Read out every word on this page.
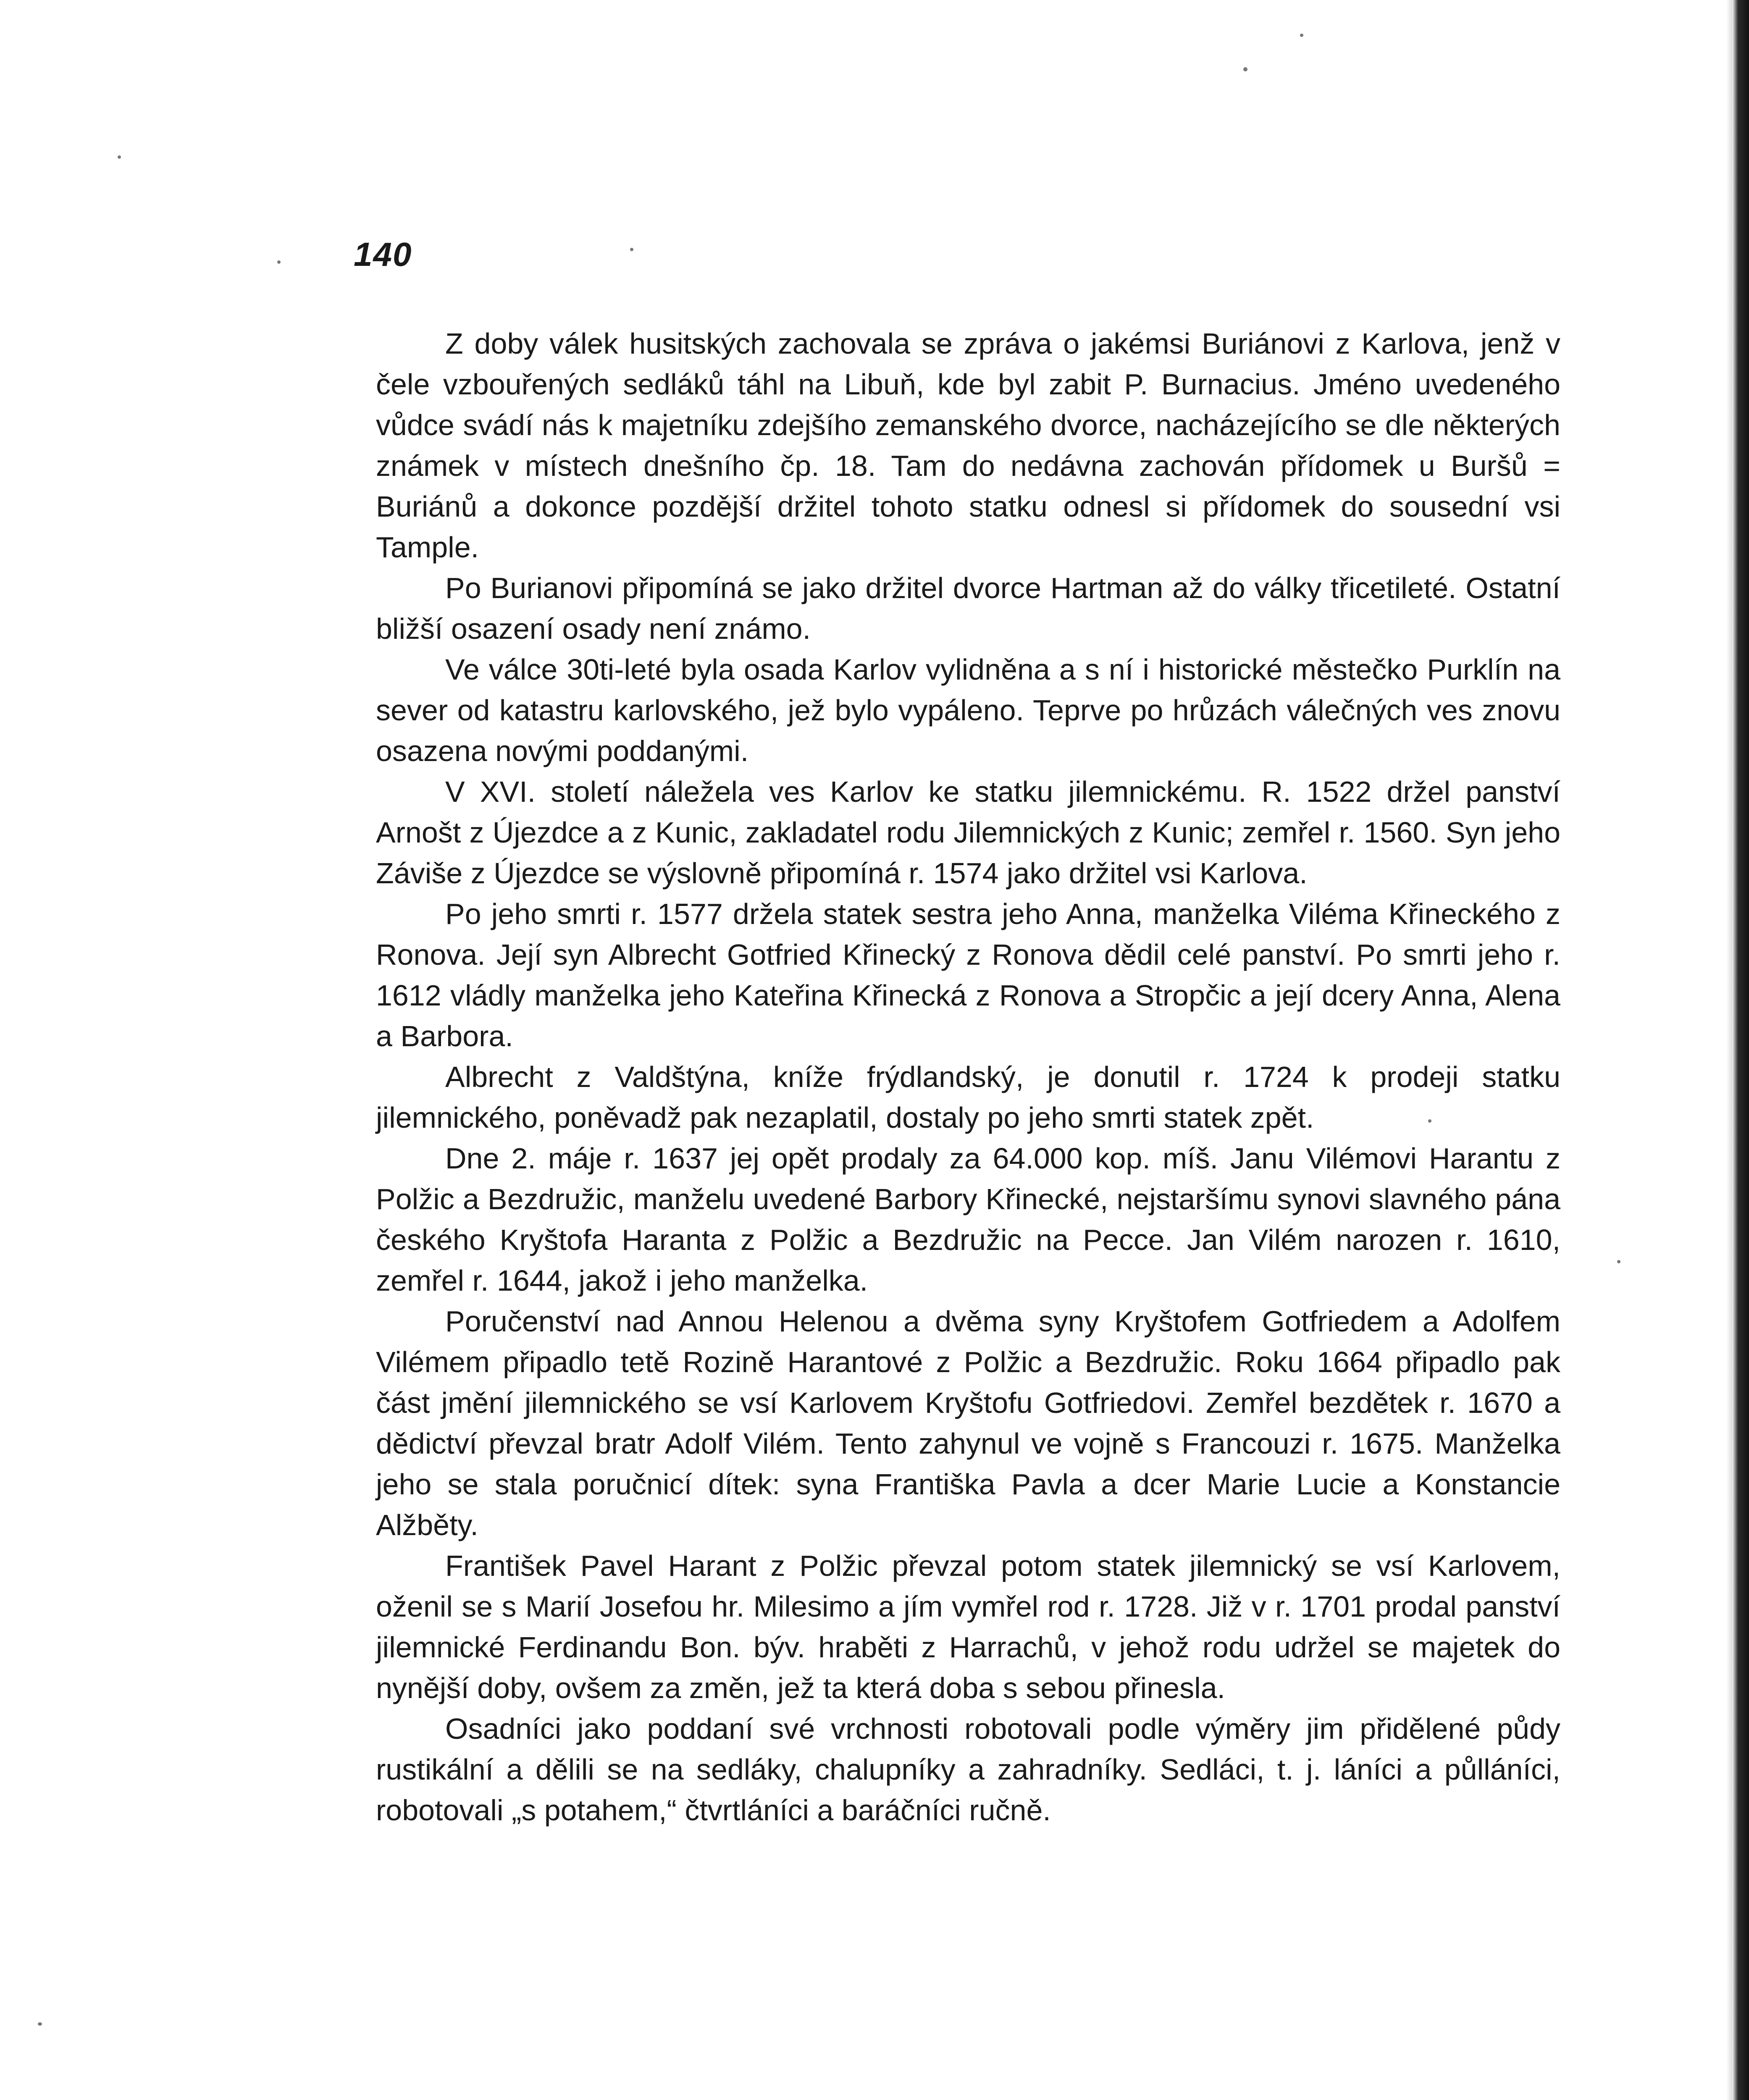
140

Z doby válek husitských zachovala se zpráva o jakémsi Buriánovi z Karlova, jenž v čele vzbouřených sedláků táhl na Libuň, kde byl zabit P. Burnacius. Jméno uvedeného vůdce svádí nás k majetníku zdejšího zemanského dvorce, nacházejícího se dle některých známek v místech dnešního čp. 18. Tam do nedávna zachován přídomek u Buršů = Buriánů a dokonce pozdější držitel tohoto statku odnesl si přídomek do sousední vsi Tample.

Po Burianovi připomíná se jako držitel dvorce Hartman až do války třicetileté. Ostatní bližší osazení osady není známo.

Ve válce 30ti-leté byla osada Karlov vylidněna a s ní i historické městečko Purklín na sever od katastru karlovského, jež bylo vypáleno. Teprve po hrůzách válečných ves znovu osazena novými poddanými.

V XVI. století náležela ves Karlov ke statku jilemnickému. R. 1522 držel panství Arnošt z Újezdce a z Kunic, zakladatel rodu Jilemnických z Kunic; zemřel r. 1560. Syn jeho Záviše z Újezdce se výslovně připomíná r. 1574 jako držitel vsi Karlova.

Po jeho smrti r. 1577 držela statek sestra jeho Anna, manželka Viléma Křineckého z Ronova. Její syn Albrecht Gotfried Křinecký z Ronova dědil celé panství. Po smrti jeho r. 1612 vládly manželka jeho Kateřina Křinecká z Ronova a Stropčic a její dcery Anna, Alena a Barbora.

Albrecht z Valdštýna, kníže frýdlandský, je donutil r. 1724 k prodeji statku jilemnického, poněvadž pak nezaplatil, dostaly po jeho smrti statek zpět.

Dne 2. máje r. 1637 jej opět prodaly za 64.000 kop. míš. Janu Vilémovi Harantu z Polžic a Bezdružic, manželu uvedené Barbory Křinecké, nejstaršímu synovi slavného pána českého Kryštofa Haranta z Polžic a Bezdružic na Pecce. Jan Vilém narozen r. 1610, zemřel r. 1644, jakož i jeho manželka.

Poručenství nad Annou Helenou a dvěma syny Kryštofem Gotfriedem a Adolfem Vilémem připadlo tetě Rozině Harantové z Polžic a Bezdružic. Roku 1664 připadlo pak část jmění jilemnického se vsí Karlovem Kryštofu Gotfriedovi. Zemřel bezdětek r. 1670 a dědictví převzal bratr Adolf Vilém. Tento zahynul ve vojně s Francouzi r. 1675. Manželka jeho se stala poručnicí dítek: syna Františka Pavla a dcer Marie Lucie a Konstancie Alžběty.

František Pavel Harant z Polžic převzal potom statek jilemnický se vsí Karlovem, oženil se s Marií Josefou hr. Milesimo a jím vymřel rod r. 1728. Již v r. 1701 prodal panství jilemnické Ferdinandu Bon. býv. hraběti z Harrachů, v jehož rodu udržel se majetek do nynější doby, ovšem za změn, jež ta která doba s sebou přinesla.

Osadníci jako poddaní své vrchnosti robotovali podle výměry jim přidělené půdy rustikální a dělili se na sedláky, chalupníky a zahradníky. Sedláci, t. j. láníci a půlláníci, robotovali „s potahem,“ čtvrtláníci a baráčníci ručně.
